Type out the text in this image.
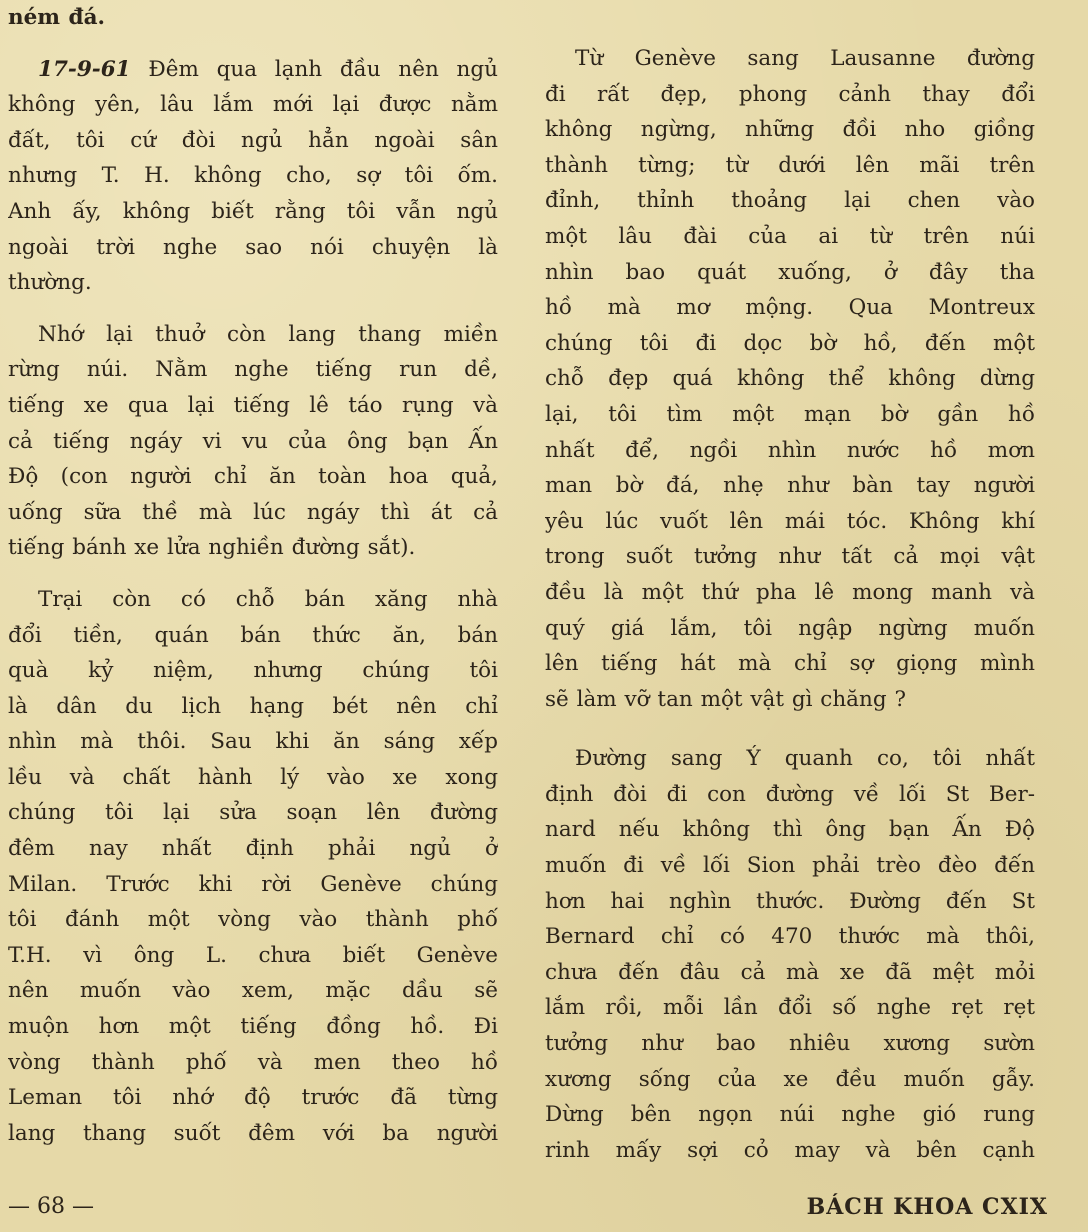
ném đá.
17-9-61 Đêm qua lạnh đầu nên ngủ
không yên, lâu lắm mới lại được nằm
đất, tôi cứ đòi ngủ hẳn ngoài sân
nhưng T. H. không cho, sợ tôi ốm.
Anh ấy, không biết rằng tôi vẫn ngủ
ngoài trời nghe sao nói chuyện là
thường.
Nhớ lại thuở còn lang thang miền
rừng núi. Nằm nghe tiếng run dề,
tiếng xe qua lại tiếng lê táo rụng và
cả tiếng ngáy vi vu của ông bạn Ấn
Độ (con người chỉ ăn toàn hoa quả,
uống sữa thề mà lúc ngáy thì át cả
tiếng bánh xe lửa nghiền đường sắt).
Trại còn có chỗ bán xăng nhà
đổi tiền, quán bán thức ăn, bán
quà kỷ niệm, nhưng chúng tôi
là dân du lịch hạng bét nên chỉ
nhìn mà thôi. Sau khi ăn sáng xếp
lều và chất hành lý vào xe xong
chúng tôi lại sửa soạn lên đường
đêm nay nhất định phải ngủ ở
Milan. Trước khi rời Genève chúng
tôi đánh một vòng vào thành phố
T.H. vì ông L. chưa biết Genève
nên muốn vào xem, mặc dầu sẽ
muộn hơn một tiếng đồng hồ. Đi
vòng thành phố và men theo hồ
Leman tôi nhớ độ trước đã từng
lang thang suốt đêm với ba người
Từ Genève sang Lausanne đường
đi rất đẹp, phong cảnh thay đổi
không ngừng, những đồi nho giồng
thành từng; từ dưới lên mãi trên
đỉnh, thỉnh thoảng lại chen vào
một lâu đài của ai từ trên núi
nhìn bao quát xuống, ở đây tha
hồ mà mơ mộng. Qua Montreux
chúng tôi đi dọc bờ hồ, đến một
chỗ đẹp quá không thể không dừng
lại, tôi tìm một mạn bờ gần hồ
nhất để, ngồi nhìn nước hồ mơn
man bờ đá, nhẹ như bàn tay người
yêu lúc vuốt lên mái tóc. Không khí
trong suốt tưởng như tất cả mọi vật
đều là một thứ pha lê mong manh và
quý giá lắm, tôi ngập ngừng muốn
lên tiếng hát mà chỉ sợ giọng mình
sẽ làm vỡ tan một vật gì chăng ?
Đường sang Ý quanh co, tôi nhất
định đòi đi con đường về lối St Ber-
nard nếu không thì ông bạn Ấn Độ
muốn đi về lối Sion phải trèo đèo đến
hơn hai nghìn thước. Đường đến St
Bernard chỉ có 470 thước mà thôi,
chưa đến đâu cả mà xe đã mệt mỏi
lắm rồi, mỗi lần đổi số nghe rẹt rẹt
tưởng như bao nhiêu xương sườn
xương sống của xe đều muốn gẫy.
Dừng bên ngọn núi nghe gió rung
rinh mấy sợi cỏ may và bên cạnh
— 68 —	BÁCH KHOA CXIX
